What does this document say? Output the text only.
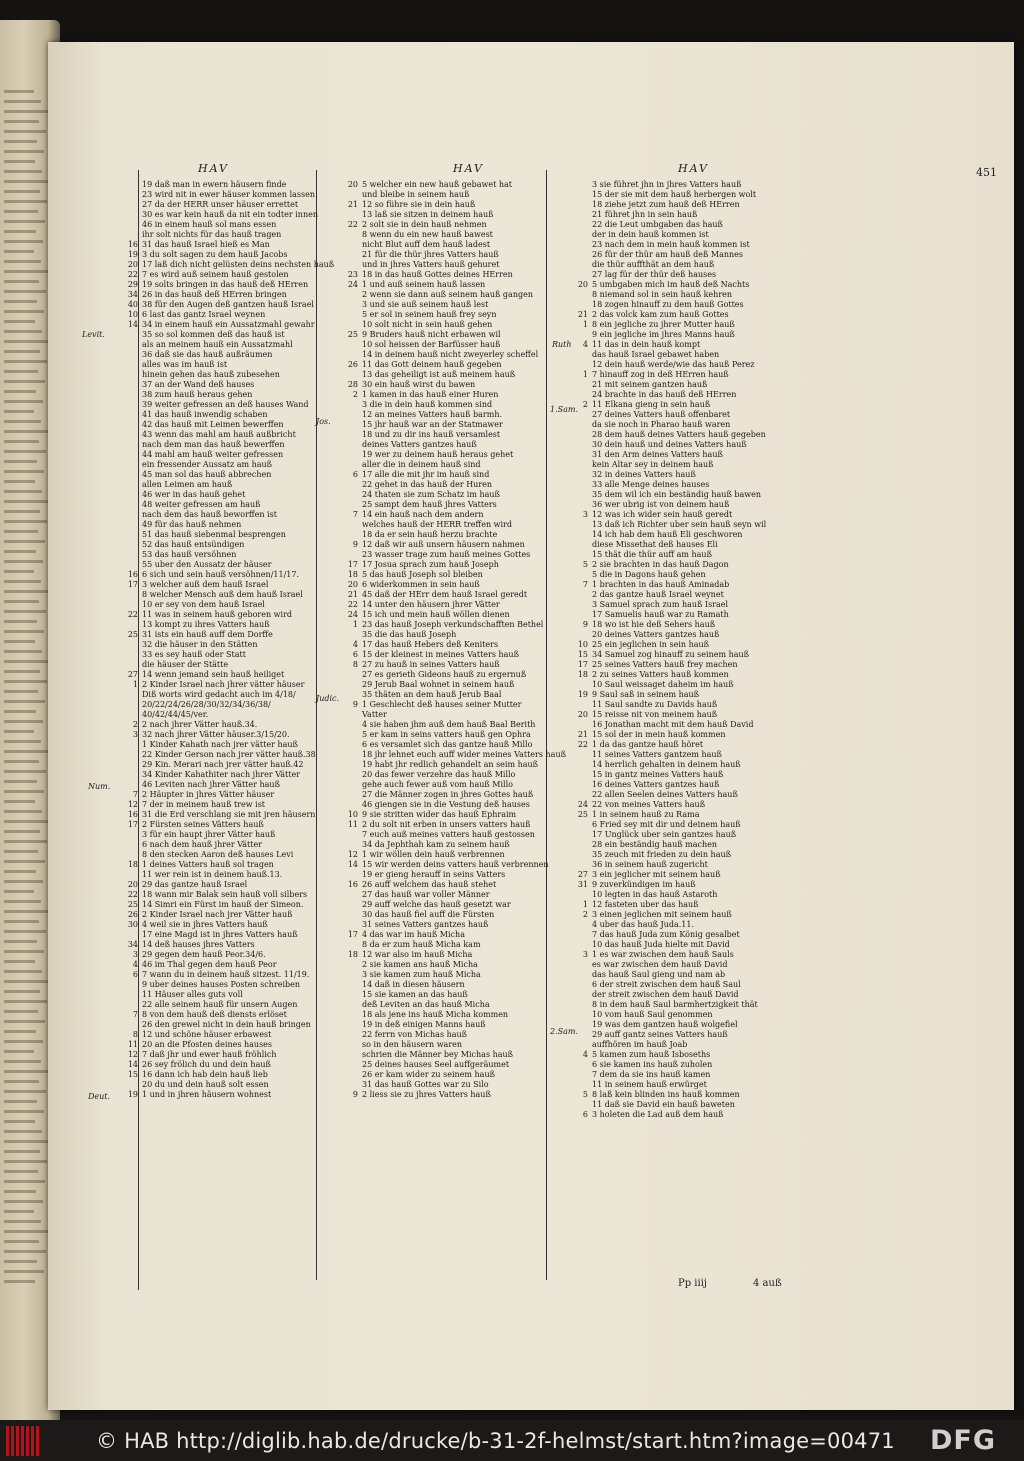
HAV	HAV	HAV	451
Levit.
Num.
Deut.
Jos.
Judic.
Ruth
1.Sam.
2.Sam.
19 daß man in ewern häusern finde
23 wird nit in ewer häuser kommen lassen
27 da der HERR unser häuser errettet
30 es war kein hauß da nit ein todter innen
46 in einem hauß sol mans essen
ihr solt nichts für das hauß tragen
16 31 das hauß Israel hieß es Man
19 3 du solt sagen zu dem hauß Jacobs
20 17 laß dich nicht gelüsten deins nechsten hauß
22 7 es wird auß seinem hauß gestolen
29 19 solts bringen in das hauß deß HErren
34 26 in das hauß deß HErren bringen
40 38 für den Augen deß gantzen hauß Israel
10 6 last das gantz Israel weynen
14 34 in einem hauß ein Aussatzmahl gewahr
35 so sol kommen deß das hauß ist
als an meinem hauß ein Aussatzmahl
36 daß sie das hauß außräumen
alles was im hauß ist
hinein gehen das hauß zubesehen
37 an der Wand deß hauses
38 zum hauß heraus gehen
39 weiter gefressen an deß hauses Wand
41 das hauß inwendig schaben
42 das hauß mit Leimen bewerffen
43 wenn das mahl am hauß außbricht
nach dem man das hauß bewerffen
44 mahl am hauß weiter gefressen
ein fressender Aussatz am hauß
45 man sol das hauß abbrechen
allen Leimen am hauß
46 wer in das hauß gehet
48 weiter gefressen am hauß
nach dem das hauß beworffen ist
49 für das hauß nehmen
51 das hauß siebenmal besprengen
52 das hauß entsündigen
53 das hauß versöhnen
55 uber den Aussatz der häuser
16 6 sich und sein hauß versöhnen/11/17.
17 3 welcher auß dem hauß Israel
8 welcher Mensch auß dem hauß Israel
10 er sey von dem hauß Israel
22 11 was in seinem hauß geboren wird
13 kompt zu ihres Vatters hauß
25 31 ists ein hauß auff dem Dorffe
32 die häuser in den Stätten
33 es sey hauß oder Statt
die häuser der Stätte
27 14 wenn jemand sein hauß heiliget
1 2 Kinder Israel nach jhrer vätter häuser
Diß worts wird gedacht auch im 4/18/
20/22/24/26/28/30/32/34/36/38/
40/42/44/45/ver.
2 2 nach jhrer Vätter hauß.34.
3 32 nach jhrer Vätter häuser.3/15/20.
1 Kinder Kahath nach jrer vätter hauß
22 Kinder Gerson nach jrer vätter hauß.38
29 Kin. Merari nach jrer vätter hauß.42
34 Kinder Kahathiter nach jhrer Vätter
46 Leviten nach jhrer Vätter hauß
7 2 Häupter in jhres Vätter häuser
12 7 der in meinem hauß trew ist
16 31 die Erd verschlang sie mit jren häusern
17 2 Fürsten seines Vätters hauß
3 für ein haupt jhrer Vätter hauß
6 nach dem hauß jhrer Vätter
8 den stecken Aaron deß hauses Levi
18 1 deines Vatters hauß sol tragen
11 wer rein ist in deinem hauß.13.
20 29 das gantze hauß Israel
22 18 wann mir Balak sein hauß voll silbers
25 14 Simri ein Fürst im hauß der Simeon.
26 2 Kinder Israel nach jrer Vätter hauß
30 4 weil sie in jhres Vatters hauß
17 eine Magd ist in jhres Vatters hauß
34 14 deß hauses jhres Vatters
3 29 gegen dem hauß Peor.34/6.
4 46 im Thal gegen dem hauß Peor
6 7 wann du in deinem hauß sitzest. 11/19.
9 uber deines hauses Posten schreiben
11 Häuser alles guts voll
22 alle seinem hauß für unsern Augen
7 8 von dem hauß deß diensts erlöset
26 den grewel nicht in dein hauß bringen
8 12 und schöne häuser erbawest
11 20 an die Pfosten deines hauses
12 7 daß jhr und ewer hauß fröhlich
14 26 sey frölich du und dein hauß
15 16 dann ich hab dein hauß lieb
20 du und dein hauß solt essen
19 1 und in jhren häusern wohnest
20 5 welcher ein new hauß gebawet hat
und bleibe in seinem hauß
21 12 so führe sie in dein hauß
13 laß sie sitzen in deinem hauß
22 2 solt sie in dein hauß nehmen
8 wenn du ein new hauß bawest
nicht Blut auff dem hauß ladest
21 für die thür jhres Vatters hauß
und in jhres Vatters hauß gehuret
23 18 in das hauß Gottes deines HErren
24 1 und auß seinem hauß lassen
2 wenn sie dann auß seinem hauß gangen
3 und sie auß seinem hauß lest
5 er sol in seinem hauß frey seyn
10 solt nicht in sein hauß gehen
25 9 Bruders hauß nicht erbawen wil
10 sol heissen der Barfüsser hauß
14 in deinem hauß nicht zweyerley scheffel
26 11 das Gott deinem hauß gegeben
13 das geheiligt ist auß meinem hauß
28 30 ein hauß wirst du bawen
2 1 kamen in das hauß einer Huren
3 die in dein hauß kommen sind
12 an meines Vatters hauß barmh.
15 jhr hauß war an der Statmawer
18 und zu dir ins hauß versamlest
deines Vatters gantzes hauß
19 wer zu deinem hauß heraus gehet
aller die in deinem hauß sind
6 17 alle die mit jhr im hauß sind
22 gehet in das hauß der Huren
24 thaten sie zum Schatz im hauß
25 sampt dem hauß jhres Vatters
7 14 ein hauß nach dem andern
welches hauß der HERR treffen wird
18 da er sein hauß herzu brachte
9 12 daß wir auß unsern häusern nahmen
23 wasser trage zum hauß meines Gottes
17 17 Josua sprach zum hauß Joseph
18 5 das hauß Joseph sol bleiben
20 6 widerkommen in sein hauß
21 45 daß der HErr dem hauß Israel geredt
22 14 unter den häusern jhrer Vätter
24 15 ich und mein hauß wöllen dienen
1 23 das hauß Joseph verkundschafften Bethel
35 die das hauß Joseph
4 17 das hauß Hebers deß Keniters
6 15 der kleinest in meines Vatters hauß
8 27 zu hauß in seines Vatters hauß
27 es gerieth Gideons hauß zu ergernuß
29 Jerub Baal wohnet in seinem hauß
35 thäten an dem hauß Jerub Baal
9 1 Geschlecht deß hauses seiner Mutter
Vatter
4 sie haben jhm auß dem hauß Baal Berith
5 er kam in seins vatters hauß gen Ophra
6 es versamlet sich das gantze hauß Millo
18 jhr lehnet euch auff wider meines Vatters hauß
19 habt jhr redlich gehandelt an seim hauß
20 das fewer verzehre das hauß Millo
gehe auch fewer auß vom hauß Millo
27 die Männer zogen in jhres Gottes hauß
46 giengen sie in die Vestung deß hauses
10 9 sie stritten wider das hauß Ephraim
11 2 du solt nit erben in unsers vatters hauß
7 euch auß meines vatters hauß gestossen
34 da Jephthah kam zu seinem hauß
12 1 wir wöllen dein hauß verbrennen
14 15 wir werden deins vatters hauß verbrennen
19 er gieng herauff in seins Vatters
16 26 auff welchem das hauß stehet
27 das hauß war voller Männer
29 auff welche das hauß gesetzt war
30 das hauß fiel auff die Fürsten
31 seines Vatters gantzes hauß
17 4 das war im hauß Micha
8 da er zum hauß Micha kam
18 12 war also im hauß Micha
2 sie kamen ans hauß Micha
3 sie kamen zum hauß Micha
14 daß in diesen häusern
15 sie kamen an das hauß
deß Leviten an das hauß Micha
18 als jene ins hauß Micha kommen
19 in deß einigen Manns hauß
22 ferrn von Michas hauß
so in den häusern waren
schrien die Männer bey Michas hauß
25 deines hauses Seel auffgeräumet
26 er kam wider zu seinem hauß
31 das hauß Gottes war zu Silo
9 2 liess sie zu jhres Vatters hauß
3 sie führet jhn in jhres Vatters hauß
15 der sie mit dem hauß herbergen wolt
18 ziehe jetzt zum hauß deß HErren
21 führet jhn in sein hauß
22 die Leut umbgaben das hauß
der in dein hauß kommen ist
23 nach dem in mein hauß kommen ist
26 für der thür am hauß deß Mannes
die thür auffthät an dem hauß
27 lag für der thür deß hauses
20 5 umbgaben mich im hauß deß Nachts
8 niemand sol in sein hauß kehren
18 zogen hinauff zu dem hauß Gottes
21 2 das volck kam zum hauß Gottes
1 8 ein jegliche zu jhrer Mutter hauß
9 ein jegliche im jhres Manns hauß
4 11 das in dein hauß kompt
das hauß Israel gebawet haben
12 dein hauß werde/wie das hauß Perez
1 7 hinauff zog in deß HErren hauß
21 mit seinem gantzen hauß
24 brachte in das hauß deß HErren
2 11 Elkana gieng in sein hauß
27 deines Vatters hauß offenbaret
da sie noch in Pharao hauß waren
28 dem hauß deines Vatters hauß gegeben
30 dein hauß und deines Vatters hauß
31 den Arm deines Vatters hauß
kein Altar sey in deinem hauß
32 in deines Vatters hauß
33 alle Menge deines hauses
35 dem wil ich ein beständig hauß bawen
36 wer ubrig ist von deinem hauß
3 12 was ich wider sein hauß geredt
13 daß ich Richter uber sein hauß seyn wil
14 ich hab dem hauß Eli geschworen
diese Missethat deß hauses Eli
15 thät die thür auff am hauß
5 2 sie brachten in das hauß Dagon
5 die in Dagons hauß gehen
7 1 brachten in das hauß Aminadab
2 das gantze hauß Israel weynet
3 Samuel sprach zum hauß Israel
17 Samuelis hauß war zu Ramath
9 18 wo ist hie deß Sehers hauß
20 deines Vatters gantzes hauß
10 25 ein jeglichen in sein hauß
15 34 Samuel zog hinauff zu seinem hauß
17 25 seines Vatters hauß frey machen
18 2 zu seines Vatters hauß kommen
10 Saul weissaget daheim im hauß
19 9 Saul saß in seinem hauß
11 Saul sandte zu Davids hauß
20 15 reisse nit von meinem hauß
16 Jonathan macht mit dem hauß David
21 15 sol der in mein hauß kommen
22 1 da das gantze hauß höret
11 seines Vatters gantzem hauß
14 herrlich gehalten in deinem hauß
15 in gantz meines Vatters hauß
16 deines Vatters gantzes hauß
22 allen Seelen deines Vatters hauß
24 22 von meines Vatters hauß
25 1 in seinem hauß zu Rama
6 Fried sey mit dir und deinem hauß
17 Unglück uber sein gantzes hauß
28 ein beständig hauß machen
35 zeuch mit frieden zu dein hauß
36 in seinem hauß zugericht
27 3 ein jeglicher mit seinem hauß
31 9 zuverkündigen im hauß
10 legten in das hauß Astaroth
1 12 fasteten uber das hauß
2 3 einen jeglichen mit seinem hauß
4 uber das hauß Juda.11.
7 das hauß Juda zum König gesalbet
10 das hauß Juda hielte mit David
3 1 es war zwischen dem hauß Sauls
es war zwischen dem hauß David
das hauß Saul gieng und nam ab
6 der streit zwischen dem hauß Saul
der streit zwischen dem hauß David
8 in dem hauß Saul barmhertzigkeit thät
10 vom hauß Saul genommen
19 was dem gantzen hauß wolgefiel
29 auff gantz seines Vatters hauß
auffhören im hauß Joab
4 5 kamen zum hauß Isboseths
6 sie kamen ins hauß zuholen
7 dem da sie ins hauß kamen
11 in seinem hauß erwürget
5 8 laß kein blinden ins hauß kommen
11 daß sie David ein hauß baweten
6 3 holeten die Lad auß dem hauß
Pp iiij	4 auß
© HAB http://diglib.hab.de/drucke/b-31-2f-helmst/start.htm?image=00471 DFG
